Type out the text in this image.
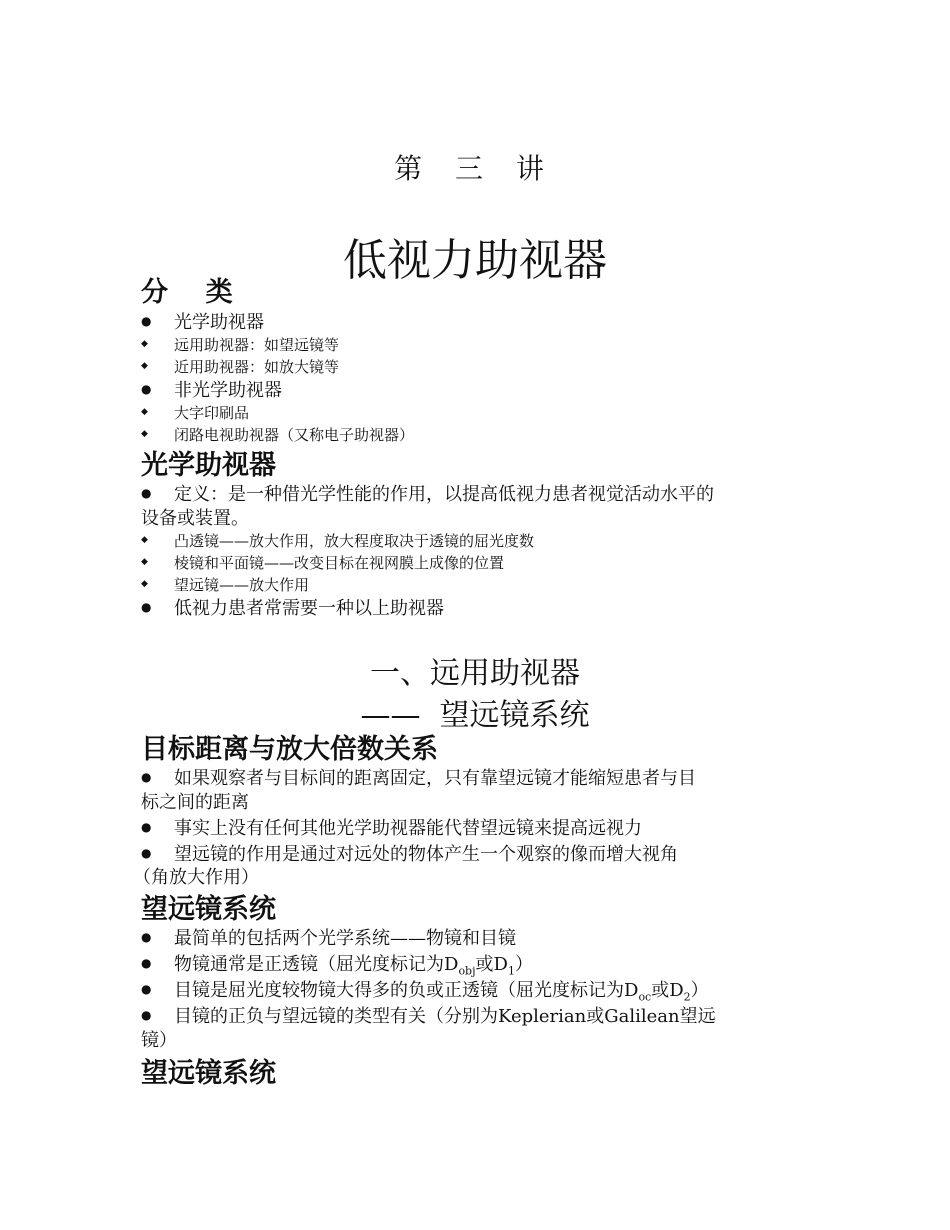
第 三 讲
低视力助视器
分    类
● 光学助视器
◆ 远用助视器：如望远镜等
◆ 近用助视器：如放大镜等
● 非光学助视器
◆ 大字印刷品
◆ 闭路电视助视器（又称电子助视器）
光学助视器
● 定义：是一种借光学性能的作用，以提高低视力患者视觉活动水平的
设备或装置。
◆ 凸透镜——放大作用，放大程度取决于透镜的屈光度数
◆ 棱镜和平面镜——改变目标在视网膜上成像的位置
◆ 望远镜——放大作用
● 低视力患者常需要一种以上助视器
一、远用助视器
——  望远镜系统
目标距离与放大倍数关系
● 如果观察者与目标间的距离固定，只有靠望远镜才能缩短患者与目
标之间的距离
● 事实上没有任何其他光学助视器能代替望远镜来提高远视力
● 望远镜的作用是通过对远处的物体产生一个观察的像而增大视角
（角放大作用）
望远镜系统
● 最简单的包括两个光学系统——物镜和目镜
● 物镜通常是正透镜（屈光度标记为$D_{obj}$或$D_1$）
● 目镜是屈光度较物镜大得多的负或正透镜（屈光度标记为$D_{oc}$或$D_2$）
● 目镜的正负与望远镜的类型有关（分别为Keplerian或Galilean望远
镜）
望远镜系统
